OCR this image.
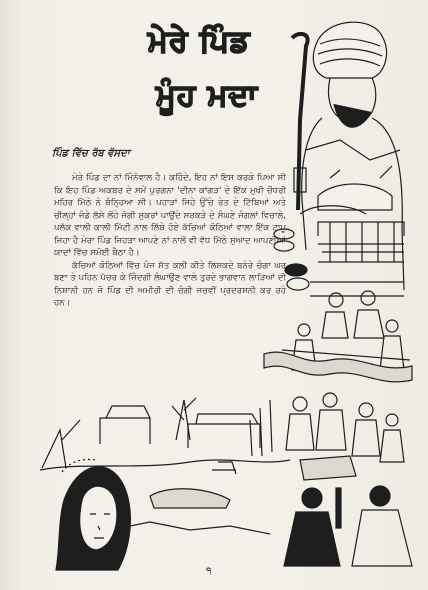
ਮੇਰੇ ਪਿੰਡ
ਮੂੰਹ ਮਦਾ
ਪਿੰਡ ਵਿੱਚ ਰੱਬ ਵੱਸਦਾ

ਮੇਰੇ ਪਿੰਡ ਦਾ ਨਾਂ ਮਿੰਨੋਵਾਲ ਹੈ। ਕਹਿੰਦੇ, ਇਹ ਨਾਂ ਇਸ ਕਰਕੇ ਪਿਆ ਸੀ ਕਿ ਇਹ ਪਿੰਡ ਅਕਬਰ ਦੇ ਸਮੇਂ ਪੁਰਗਨਾ 'ਦੀਨਾ ਕਾਂਗੜ' ਦੇ ਇੱਕ ਮੁਖੀ ਚੌਧਰੀ ਮਹਿਰ ਮਿੱਠੇ ਨੇ ਬੰਨ੍ਹਿਆ ਸੀ। ਪਹਾੜਾਂ ਜਿਹੇ ਉੱਚੇ ਰੇਤ ਦੇ ਟਿੱਬਿਆਂ ਅਤੇ ਚੀਲ੍ਹਾਂ ਜੰਡੇ ਲੱਸੇ ਲੋਂਹੇ ਜੋਗੀ ਸੁਕਰਾਂ ਪਾਉਂਦੇ ਸਰਕੜੇ ਦੇ ਸੰਘਣੇ ਜੰਗਲਾਂ ਵਿਚਾਲੇ, ਪਲੱਕ ਵਾਲੀ ਕਾਲੀ ਮਿੱਟੀ ਨਾਲ ਲਿੱਬੇ ਹੋਏ ਕੱਚਿਆਂ ਕੋਠਿਆਂ ਵਾਲਾ ਇੱਕ ਟਾਪੂ ਜਿਹਾ ਹੈ ਮੇਰਾ ਪਿੰਡ ਜਿਹੜਾ ਆਪਣੇ ਨਾਂ ਨਾਲੋਂ ਵੀ ਵੱਧ ਮਿੱਠੇ ਸੁਆਦ ਆਪਣੀਆਂ ਯਾਦਾਂ ਵਿੱਚ ਸਮੋਈ ਬੈਠਾ ਹੈ।

ਕੱਚਿਆਂ ਕੋਠਿਆਂ ਵਿੱਚ ਪੰਜ ਸੱਤ ਕਲੀ ਕੀਤੇ ਲਿਸ਼ਕਦੇ ਬਨੇਰੇ ਚੰਗਾ ਘਰ ਬਣਾ ਤੇ ਪਹਿਨ ਪੱਚਰ ਕੇ ਜ਼ਿੰਦਗੀ ਲੰਘਾਉਣ ਵਾਲੇ ਤੁਰਦੇ ਭਾਗਵਾਨ ਲਾੜਿਆਂ ਦੀ ਨਿਸ਼ਾਨੀ ਹਨ ਜੋ ਪਿੰਡ ਦੀ ਅਮੀਰੀ ਦੀ ਚੰਗੀ ਜਚਵੀਂ ਪ੍ਰਦਰਸ਼ਨੀ ਕਰ ਰਹੇ ਹਨ।

੧
